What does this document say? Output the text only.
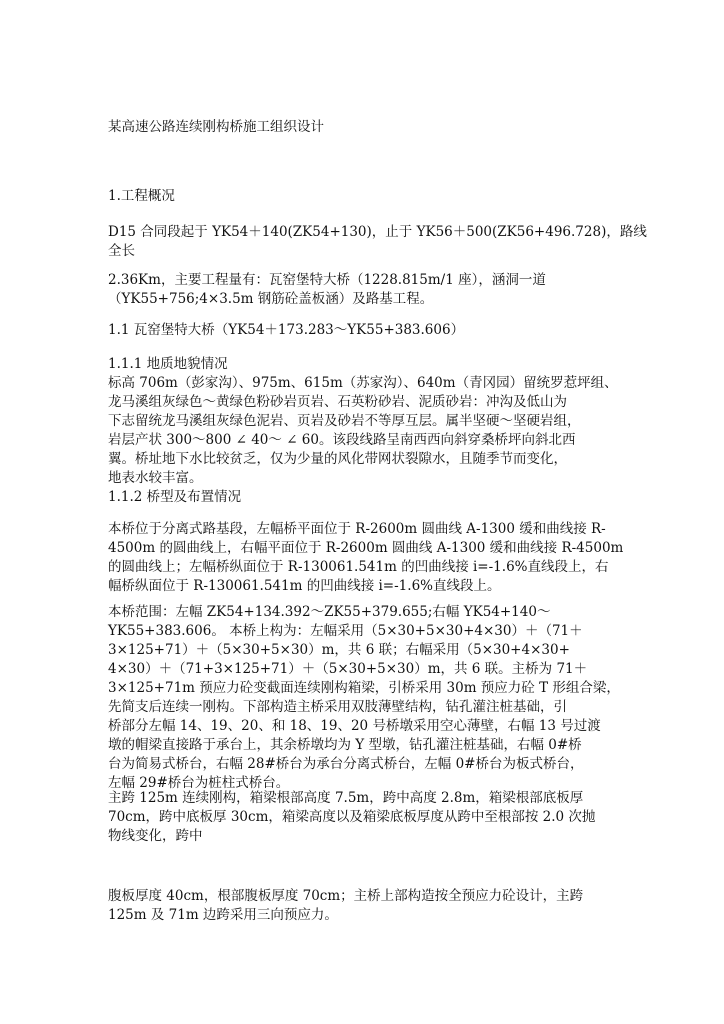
某高速公路连续刚构桥施工组织设计
1.工程概况
D15 合同段起于 YK54＋140(ZK54+130)，止于 YK56＋500(ZK56+496.728)，路线
全长
2.36Km，主要工程量有：瓦窑堡特大桥（1228.815m/1 座），涵洞一道
（YK55+756;4×3.5m 钢筋砼盖板涵）及路基工程。
1.1 瓦窑堡特大桥（YK54＋173.283～YK55+383.606）
1.1.1 地质地貌情况
标高 706m（彭家沟）、975m、615m（苏家沟）、640m（青冈园）留统罗惹坪组、
龙马溪组灰绿色～黄绿色粉砂岩页岩、石英粉砂岩、泥质砂岩：冲沟及低山为
下志留统龙马溪组灰绿色泥岩、页岩及砂岩不等厚互层。属半坚硬～坚硬岩组，
岩层产状 300～800 ∠ 40～ ∠ 60。该段线路呈南西西向斜穿桑桥坪向斜北西
翼。桥址地下水比较贫乏，仅为少量的风化带网状裂隙水，且随季节而变化，
地表水较丰富。
1.1.2 桥型及布置情况
本桥位于分离式路基段，左幅桥平面位于 R-2600m 圆曲线 A-1300 缓和曲线接 R-
4500m 的圆曲线上，右幅平面位于 R-2600m 圆曲线 A-1300 缓和曲线接 R-4500m
的圆曲线上；左幅桥纵面位于 R-130061.541m 的凹曲线接 i=-1.6%直线段上，右
幅桥纵面位于 R-130061.541m 的凹曲线接 i=-1.6%直线段上。
本桥范围：左幅 ZK54+134.392～ZK55+379.655;右幅 YK54+140～
YK55+383.606。 本桥上构为：左幅采用（5×30+5×30+4×30）＋（71＋
3×125+71）＋（5×30+5×30）m，共 6 联；右幅采用（5×30+4×30+
4×30）＋（71+3×125+71）＋（5×30+5×30）m，共 6 联。主桥为 71＋
3×125+71m 预应力砼变截面连续刚构箱梁，引桥采用 30m 预应力砼 T 形组合梁，
先简支后连续一刚构。下部构造主桥采用双肢薄壁结构，钻孔灌注桩基础，引
桥部分左幅 14、19、20、和 18、19、20 号桥墩采用空心薄壁，右幅 13 号过渡
墩的帽梁直接路于承台上，其余桥墩均为 Y 型墩，钻孔灌注桩基础，右幅 0#桥
台为简易式桥台，右幅 28#桥台为承台分离式桥台，左幅 0#桥台为板式桥台，
左幅 29#桥台为桩柱式桥台。
主跨 125m 连续刚构，箱梁根部高度 7.5m，跨中高度 2.8m，箱梁根部底板厚
70cm，跨中底板厚 30cm，箱梁高度以及箱梁底板厚度从跨中至根部按 2.0 次抛
物线变化，跨中
腹板厚度 40cm，根部腹板厚度 70cm；主桥上部构造按全预应力砼设计，主跨
125m 及 71m 边跨采用三向预应力。
